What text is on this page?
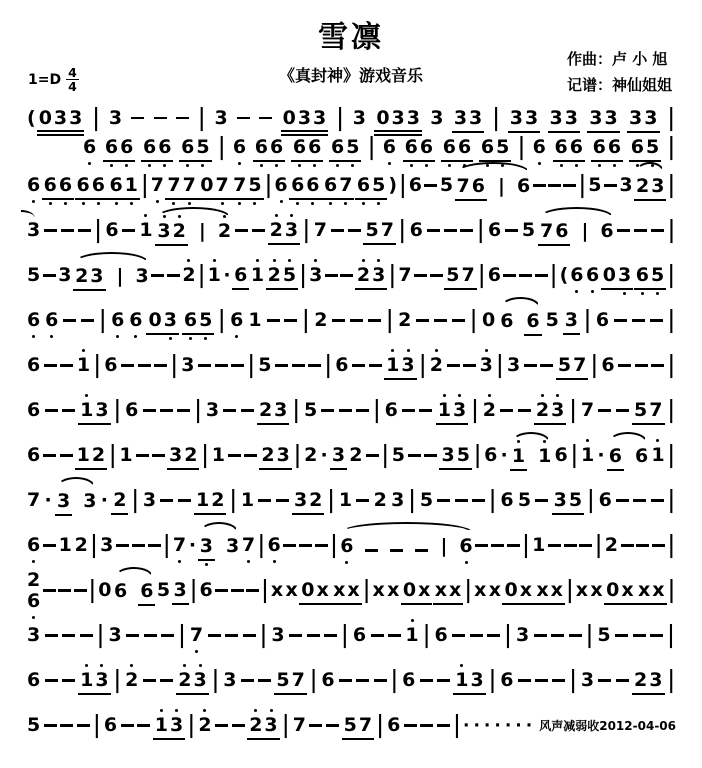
雪凛
《真封神》游戏音乐
作曲：卢 小 旭
记谱：神仙姐姐
$1=D \frac{4}{4}$
( 0 3 3 | 3	| 3	0 3 3 | 3 0 3 3 3 3 3 | 3 3 3 3 3 3 3 3 |
6 6 6 6 6 6 5 | 6 6 6 6 6 6 5 | 6 6 6 6 6 6 5 | 6 6 6 6 6 6 5 |
6 6 6 6 6 6 1 | 7 7 7 0 7 7 5 | 6 6 6 6 7 6 5 ) | 6 5 7 6 | 6	| 5 3 2 3 |
3	| 6 1 3 2 | 2 2 3 | 7 5 7 | 6	| 6 5 7 6 | 6	|
5 3 2 3 | 3 2 | 1 · 6 1 2 5 | 3 2 3 | 7 5 7 | 6	| ( 6 6 0 3 6 5 |
6 6 | 6 6 0 3 6 5 | 6 1 | 2	| 2	| 0 6 6 5 3 | 6	|
6 1 | 6	| 3	| 5	| 6 1 3 | 2 3 | 3 5 7 | 6	|
6 1 3 | 6	| 3 2 3 | 5	| 6 1 3 | 2 2 3 | 7 5 7 |
6 1 2 | 1 3 2 | 1 2 3 | 2 · 3 2 | 5 3 5 | 6 · 1 1 6 | 1 · 6 6 1 |
7 · 3 3 · 2 | 3 1 2 | 1 3 2 | 1 2 3 | 5	| 6 5 3 5 | 6	|
6 1 2 | 3	| 7 · 3 3 7 | 6	| 6	| 6	| 1	| 2	|
2
6	| 0 6 6 5 3 | 6	| x x 0 x x x | x x 0 x x x | x x 0 x x x | x x 0 x x x |
3	| 3	| 7	| 3	| 6 1 | 6	| 3	| 5	|
6 1 3 | 2 2 3 | 3 5 7 | 6	| 6 1 3 | 6	| 3 2 3 |
5	| 6 1 3 | 2 2 3 | 7 5 7 | 6	| ······· 风声减弱收2012-04-06
